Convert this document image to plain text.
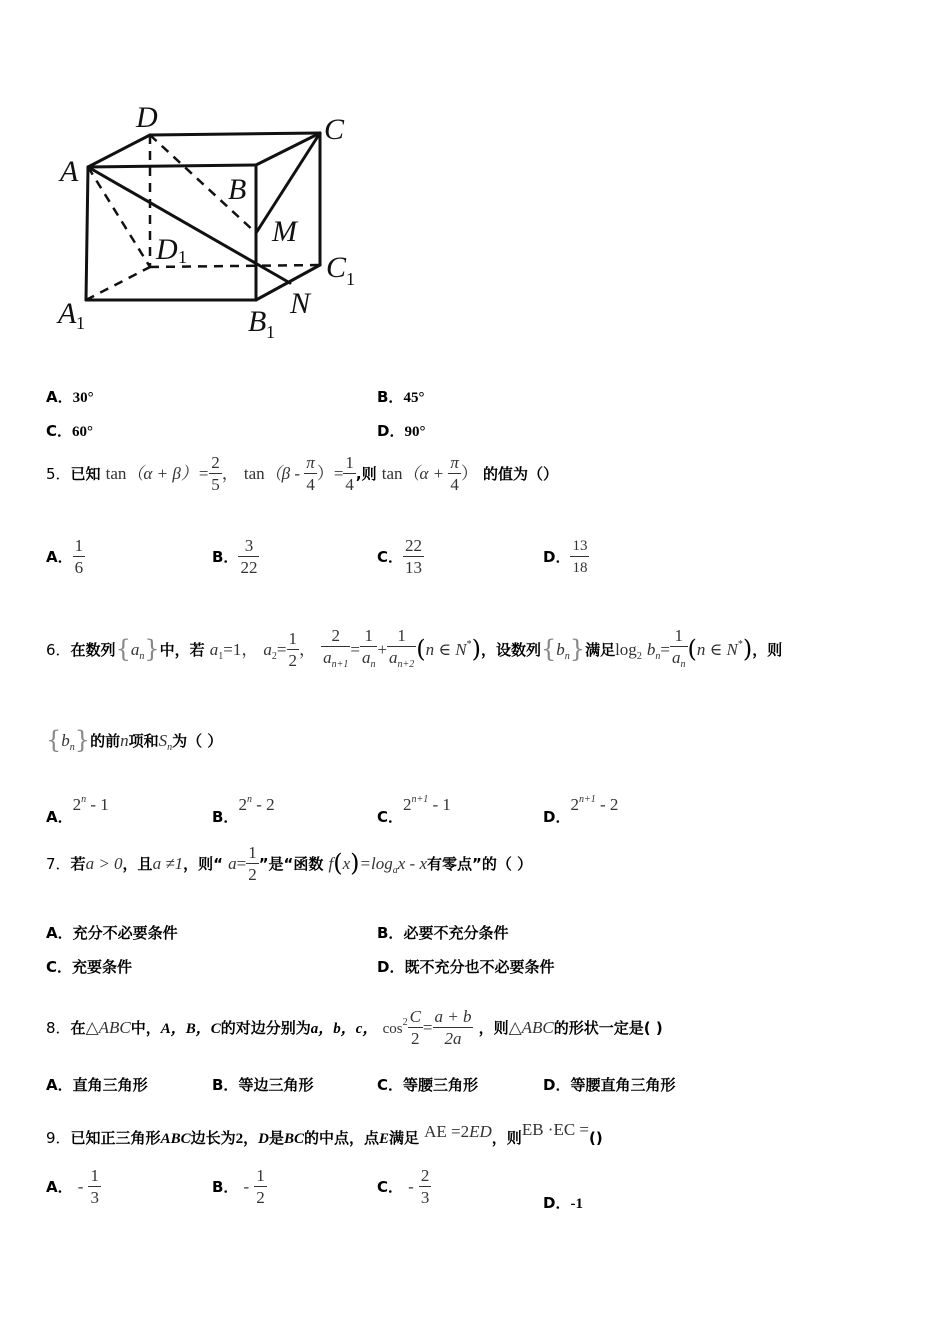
D	C
A
B
M
D 1	C 1
A 1	B 1
N
A．30°	B．45°
C．60°	D．90°
5．已知 $\tan(\alpha + \beta)= \frac{2}{5}$ ， $\tan(\beta - \frac{\pi}{4}$ ）= $\frac{1}{4}$ ,则 $\tan(\alpha + \frac{\pi}{4}$ ） 的值为（）
A． $\frac{1}{6}$	B． $\frac{3}{22}$	C． $\frac{22}{13}$	D． $\frac{13}{18}$
6．在数列$\{a_n\}$中，若 $a_1=1$， $a_2= \frac{1}{2}$ ， $\frac{2}{a_{n+1}} = \frac{1}{a_n} + \frac{1}{a_{n+2}} (n$ ∈ N*)，设数列$\{b_n\}$满足$\log_2 b_n= \frac{1}{a_n} (n$ ∈ N*)，则
$\{b_n\}$的前n项和$S_n$为（ ）
A．2$^n$ - 1
B．2$^n$ - 2
C．$2^{n+1} - 1$
D．$2^{n+1} - 2$
7．若a > 0，且a ≠1，则“ $a= \frac{1}{2}$ ”是“函数 $f(x)=\log_ax - x$有零点”的（ ）
A．充分不必要条件	B．必要不充分条件
C．充要条件	D．既不充分也不必要条件
8．在△ABC中，A，B，C的对边分别为a，b，c， $\cos^2 \frac{C}{2} = \frac{a + b}{2a}$ ，则△ABC的形状一定是( )
A．直角三角形	B．等边三角形	C．等腰三角形	D．等腰直角三角形
9．已知正三角形ABC边长为2，D是BC的中点，点E满足 AE =2ED，则EB ·EC =()
A． - $\frac{1}{3}$	B． - $\frac{1}{2}$	C． - $\frac{2}{3}$	D．-1
